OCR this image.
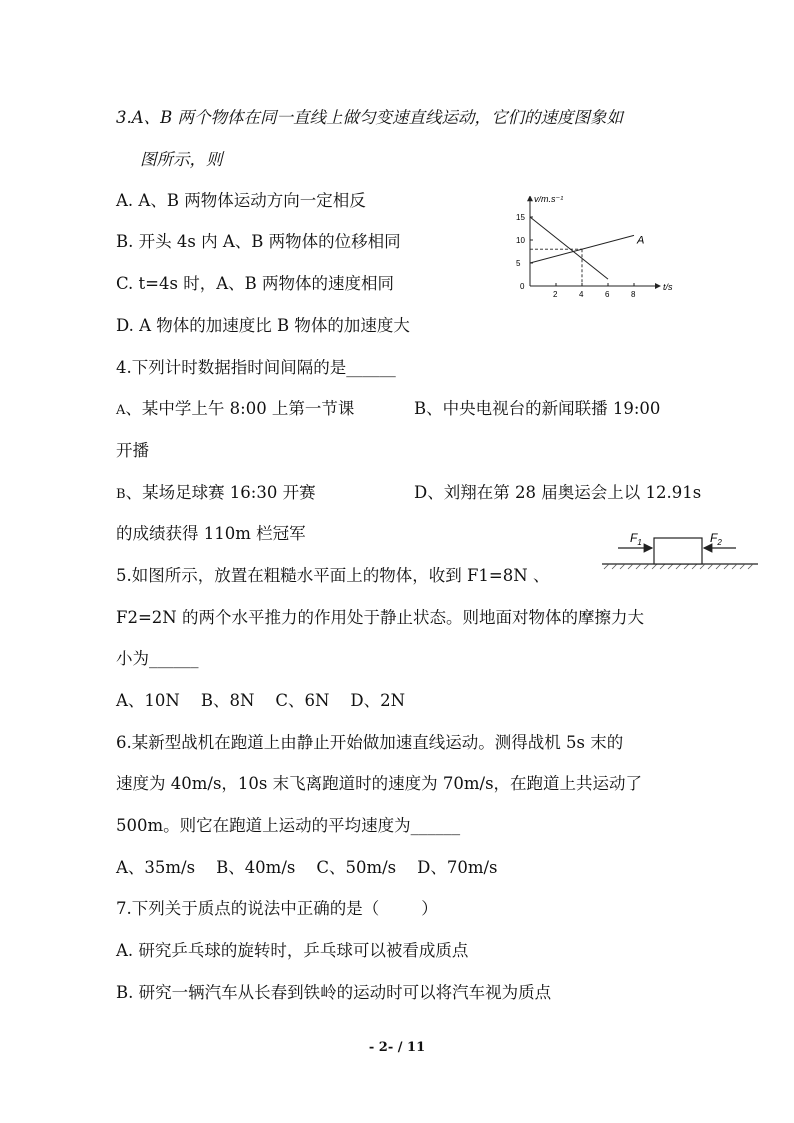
3.A、B 两个物体在同一直线上做匀变速直线运动，它们的速度图象如
图所示，则
A. A、B 两物体运动方向一定相反
B. 开头 4s 内 A、B 两物体的位移相同
C. t=4s 时，A、B 两物体的速度相同
D. A 物体的加速度比 B 物体的加速度大
v/m.s⁻¹
t/s
0
2	4	6	8
5
10
15
A
4.下列计时数据指时间间隔的是______
A、某中学上午 8:00 上第一节课	B、中央电视台的新闻联播 19:00
开播
B、某场足球赛 16:30 开赛	D、刘翔在第 28 届奥运会上以 12.91s
的成绩获得 110m 栏冠军	$F_1$	$F_2$
5.如图所示，放置在粗糙水平面上的物体，收到 F1=8N 、
F2=2N 的两个水平推力的作用处于静止状态。则地面对物体的摩擦力大
小为______
A、10N    B、8N    C、6N    D、2N
6.某新型战机在跑道上由静止开始做加速直线运动。测得战机 5s 末的
速度为 40m/s，10s 末飞离跑道时的速度为 70m/s，在跑道上共运动了
500m。则它在跑道上运动的平均速度为______
A、35m/s    B、40m/s    C、50m/s    D、70m/s
7.下列关于质点的说法中正确的是（        ）
A. 研究乒乓球的旋转时，乒乓球可以被看成质点
B. 研究一辆汽车从长春到铁岭的运动时可以将汽车视为质点
- 2- / 11
